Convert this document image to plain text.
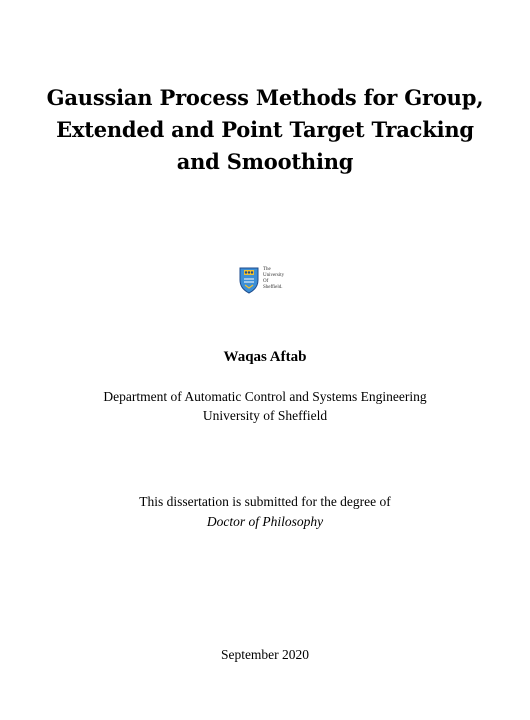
Gaussian Process Methods for Group,
Extended and Point Target Tracking
and Smoothing
The
University
Of
Sheffield.

Waqas Aftab

Department of Automatic Control and Systems Engineering

University of Sheffield

This dissertation is submitted for the degree of

Doctor of Philosophy

September 2020
